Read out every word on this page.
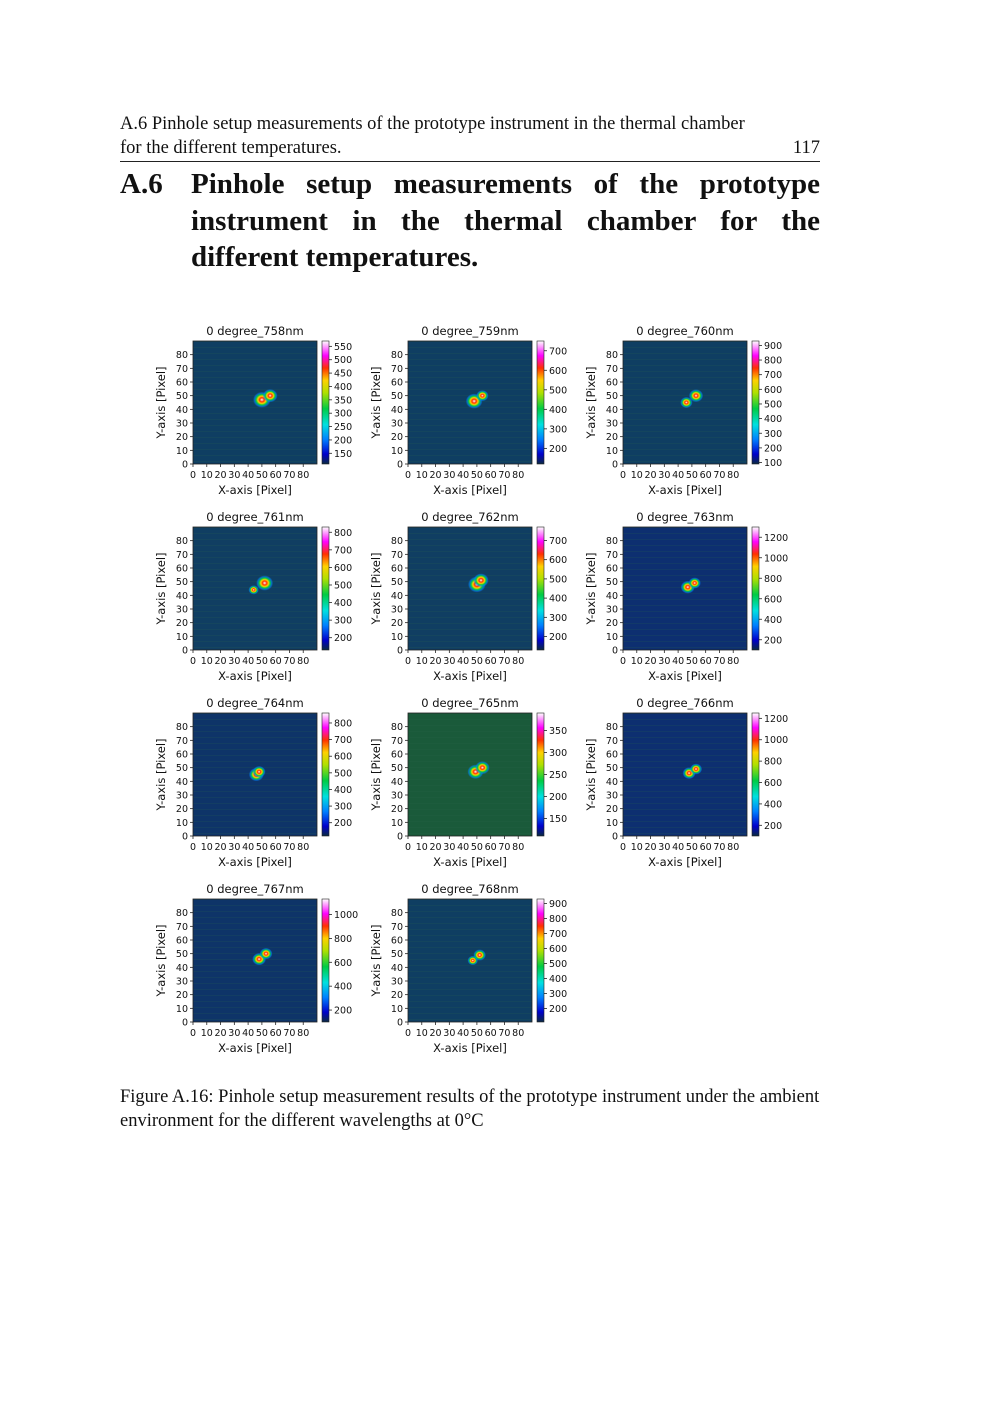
A.6 Pinhole setup measurements of the prototype instrument in the thermal chamber
for the different temperatures.	117
A.6 Pinhole setup measurements of the prototype instrument in the thermal chamber for the different temperatures.
0 degree_758nm
0
10
20
30
40
50
60
70
80
0 10 20 30 40 50 60 70 80
X-axis [Pixel]
Y-axis [Pixel]
150
200
250
300
350
400
450
500
550
0 degree_759nm
0
10
20
30
40
50
60
70
80
0 10 20 30 40 50 60 70 80
X-axis [Pixel]
Y-axis [Pixel]
200
300
400
500
600
700
0 degree_760nm
0
10
20
30
40
50
60
70
80
0 10 20 30 40 50 60 70 80
X-axis [Pixel]
Y-axis [Pixel]
100
200
300
400
500
600
700
800
900
0 degree_761nm
0
10
20
30
40
50
60
70
80
0 10 20 30 40 50 60 70 80
X-axis [Pixel]
Y-axis [Pixel]
200
300
400
500
600
700
800
0 degree_762nm
0
10
20
30
40
50
60
70
80
0 10 20 30 40 50 60 70 80
X-axis [Pixel]
Y-axis [Pixel]
200
300
400
500
600
700
0 degree_763nm
0
10
20
30
40
50
60
70
80
0 10 20 30 40 50 60 70 80
X-axis [Pixel]
Y-axis [Pixel]
200
400
600
800
1000
1200
0 degree_764nm
0
10
20
30
40
50
60
70
80
0 10 20 30 40 50 60 70 80
X-axis [Pixel]
Y-axis [Pixel]
200
300
400
500
600
700
800
0 degree_765nm
0
10
20
30
40
50
60
70
80
0 10 20 30 40 50 60 70 80
X-axis [Pixel]
Y-axis [Pixel]
150
200
250
300
350
0 degree_766nm
0
10
20
30
40
50
60
70
80
0 10 20 30 40 50 60 70 80
X-axis [Pixel]
Y-axis [Pixel]
200
400
600
800
1000
1200
0 degree_767nm
0
10
20
30
40
50
60
70
80
0 10 20 30 40 50 60 70 80
X-axis [Pixel]
Y-axis [Pixel]
200
400
600
800
1000
0 degree_768nm
0
10
20
30
40
50
60
70
80
0 10 20 30 40 50 60 70 80
X-axis [Pixel]
Y-axis [Pixel]
200
300
400
500
600
700
800
900
Figure A.16: Pinhole setup measurement results of the prototype instrument under the ambient environment for the different wavelengths at 0°C
